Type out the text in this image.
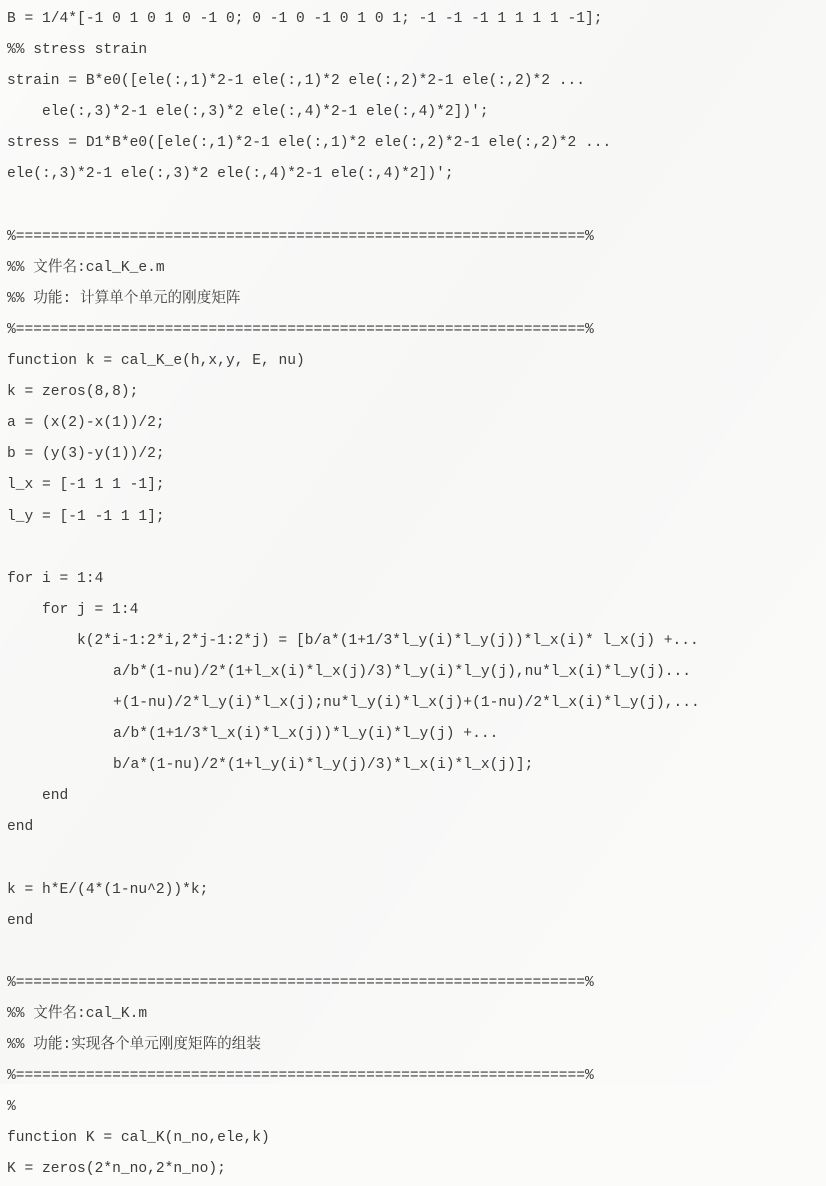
B = 1/4*[-1 0 1 0 1 0 -1 0; 0 -1 0 -1 0 1 0 1; -1 -1 -1 1 1 1 1 -1];
%% stress strain
strain = B*e0([ele(:,1)*2-1 ele(:,1)*2 ele(:,2)*2-1 ele(:,2)*2 ...
ele(:,3)*2-1 ele(:,3)*2 ele(:,4)*2-1 ele(:,4)*2])';
stress = D1*B*e0([ele(:,1)*2-1 ele(:,1)*2 ele(:,2)*2-1 ele(:,2)*2 ...
ele(:,3)*2-1 ele(:,3)*2 ele(:,4)*2-1 ele(:,4)*2])';
%=================================================================%
%% 文件名:cal_K_e.m
%% 功能: 计算单个单元的刚度矩阵
%=================================================================%
function k = cal_K_e(h,x,y, E, nu)
k = zeros(8,8);
a = (x(2)-x(1))/2;
b = (y(3)-y(1))/2;
l_x = [-1 1 1 -1];
l_y = [-1 -1 1 1];
for i = 1:4
for j = 1:4
k(2*i-1:2*i,2*j-1:2*j) = [b/a*(1+1/3*l_y(i)*l_y(j))*l_x(i)* l_x(j) +...
a/b*(1-nu)/2*(1+l_x(i)*l_x(j)/3)*l_y(i)*l_y(j),nu*l_x(i)*l_y(j)...
+(1-nu)/2*l_y(i)*l_x(j);nu*l_y(i)*l_x(j)+(1-nu)/2*l_x(i)*l_y(j),...
a/b*(1+1/3*l_x(i)*l_x(j))*l_y(i)*l_y(j) +...
b/a*(1-nu)/2*(1+l_y(i)*l_y(j)/3)*l_x(i)*l_x(j)];
end
end
k = h*E/(4*(1-nu^2))*k;
end
%=================================================================%
%% 文件名:cal_K.m
%% 功能:实现各个单元刚度矩阵的组装
%=================================================================%
%
function K = cal_K(n_no,ele,k)
K = zeros(2*n_no,2*n_no);
